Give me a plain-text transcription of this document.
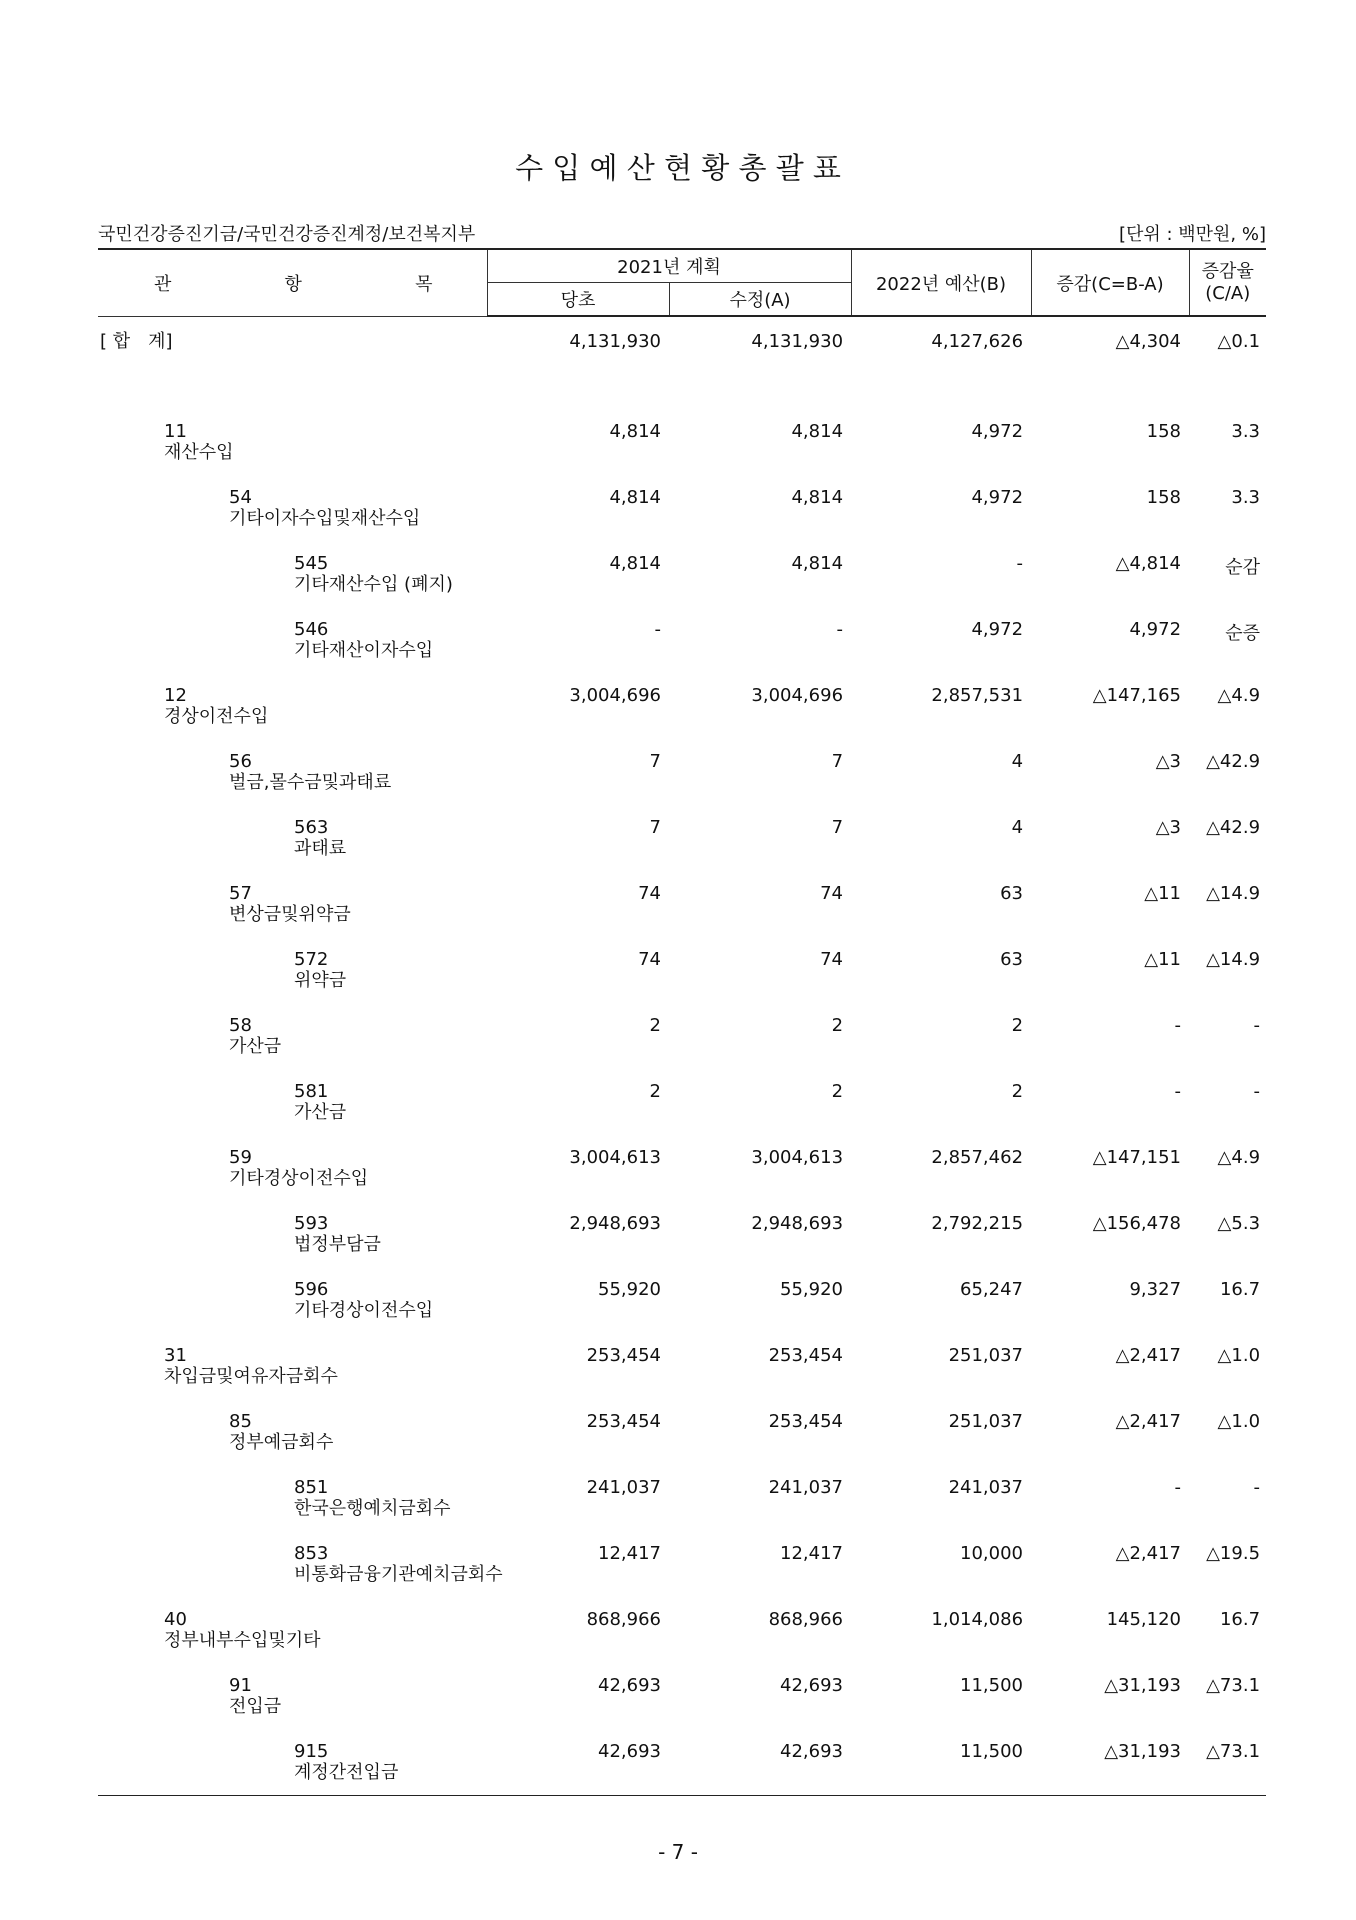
수 입 예 산 현 황 총 괄 표
국민건강증진기금/국민건강증진계정/보건복지부	[단위 : 백만원, %]
관 항 목	2021년 계획		2022년 예산(B)	증감(C=B-A)	증감율
(C/A)
	당초	수정(A)			
[ 합　계]	4,131,930	4,131,930	4,127,626	△4,304	△0.1

11
재산수입	4,814	4,814	4,972	158	3.3

54
기타이자수입및재산수입	4,814	4,814	4,972	158	3.3

545
기타재산수입 (폐지)	4,814	4,814	-	△4,814	순감

546
기타재산이자수입	-	-	4,972	4,972	순증

12
경상이전수입	3,004,696	3,004,696	2,857,531	△147,165	△4.9

56
벌금,몰수금및과태료	7	7	4	△3	△42.9

563
과태료	7	7	4	△3	△42.9

57
변상금및위약금	74	74	63	△11	△14.9

572
위약금	74	74	63	△11	△14.9

58
가산금	2	2	2	-	-

581
가산금	2	2	2	-	-

59
기타경상이전수입	3,004,613	3,004,613	2,857,462	△147,151	△4.9

593
법정부담금	2,948,693	2,948,693	2,792,215	△156,478	△5.3

596
기타경상이전수입	55,920	55,920	65,247	9,327	16.7

31
차입금및여유자금회수	253,454	253,454	251,037	△2,417	△1.0

85
정부예금회수	253,454	253,454	251,037	△2,417	△1.0

851
한국은행예치금회수	241,037	241,037	241,037	-	-

853
비통화금융기관예치금회수	12,417	12,417	10,000	△2,417	△19.5

40
정부내부수입및기타	868,966	868,966	1,014,086	145,120	16.7

91
전입금	42,693	42,693	11,500	△31,193	△73.1

915
계정간전입금	42,693	42,693	11,500	△31,193	△73.1
- 7 -
